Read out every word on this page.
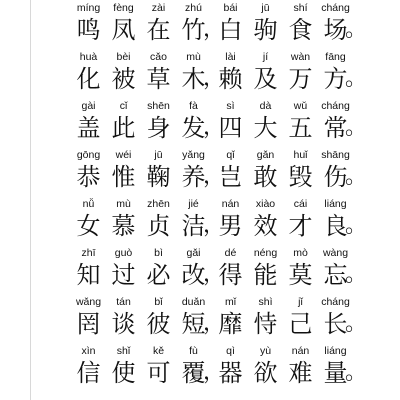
míng
鸣
fèng
凤
zài
在
zhú
竹
，
bái
白
jū
驹
shí
食
cháng
场
。
huà
化
bèi
被
cǎo
草
mù
木
，
lài
赖
jí
及
wàn
万
fāng
方
。
gài
盖
cǐ
此
shēn
身
fà
发
，
sì
四
dà
大
wǔ
五
cháng
常
。
gōng
恭
wéi
惟
jū
鞠
yǎng
养
，
qǐ
岂
gǎn
敢
huǐ
毁
shāng
伤
。
nǚ
女
mù
慕
zhēn
贞
jié
洁
，
nán
男
xiào
效
cái
才
liáng
良
。
zhī
知
guò
过
bì
必
gǎi
改
，
dé
得
néng
能
mò
莫
wàng
忘
。
wǎng
罔
tán
谈
bǐ
彼
duǎn
短
，
mǐ
靡
shì
恃
jǐ
己
cháng
长
。
xìn
信
shǐ
使
kě
可
fù
覆
，
qì
器
yù
欲
nán
难
liáng
量
。
